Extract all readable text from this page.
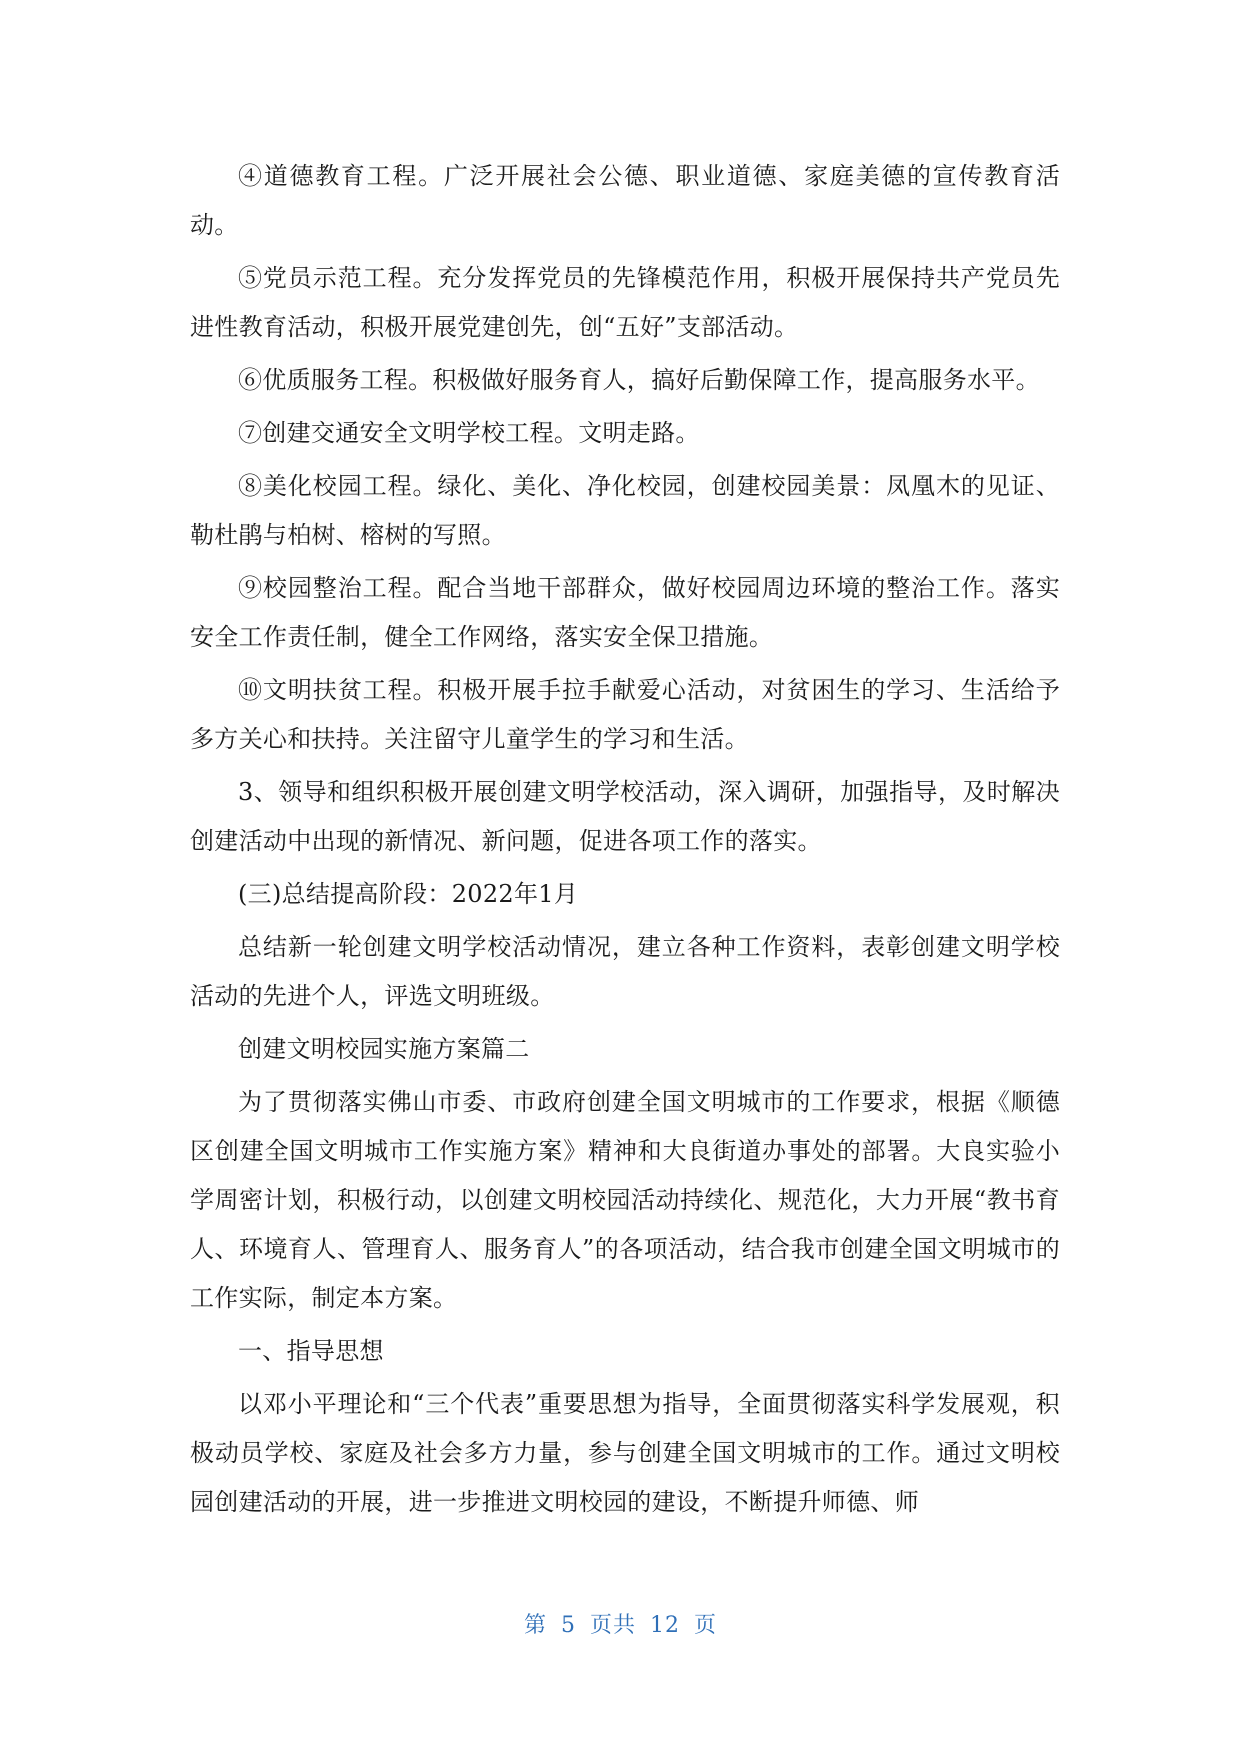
④道德教育工程。广泛开展社会公德、职业道德、家庭美德的宣传教育活动。

⑤党员示范工程。充分发挥党员的先锋模范作用，积极开展保持共产党员先进性教育活动，积极开展党建创先，创“五好”支部活动。

⑥优质服务工程。积极做好服务育人，搞好后勤保障工作，提高服务水平。

⑦创建交通安全文明学校工程。文明走路。

⑧美化校园工程。绿化、美化、净化校园，创建校园美景：凤凰木的见证、勒杜鹃与柏树、榕树的写照。

⑨校园整治工程。配合当地干部群众，做好校园周边环境的整治工作。落实安全工作责任制，健全工作网络，落实安全保卫措施。

⑩文明扶贫工程。积极开展手拉手献爱心活动，对贫困生的学习、生活给予多方关心和扶持。关注留守儿童学生的学习和生活。

3、领导和组织积极开展创建文明学校活动，深入调研，加强指导，及时解决创建活动中出现的新情况、新问题，促进各项工作的落实。

(三)总结提高阶段：2022年1月

总结新一轮创建文明学校活动情况，建立各种工作资料，表彰创建文明学校活动的先进个人，评选文明班级。

创建文明校园实施方案篇二

为了贯彻落实佛山市委、市政府创建全国文明城市的工作要求，根据《顺德区创建全国文明城市工作实施方案》精神和大良街道办事处的部署。大良实验小学周密计划，积极行动，以创建文明校园活动持续化、规范化，大力开展“教书育人、环境育人、管理育人、服务育人”的各项活动，结合我市创建全国文明城市的工作实际，制定本方案。

一、指导思想

以邓小平理论和“三个代表”重要思想为指导，全面贯彻落实科学发展观，积极动员学校、家庭及社会多方力量，参与创建全国文明城市的工作。通过文明校园创建活动的开展，进一步推进文明校园的建设，不断提升师德、师

第 5 页共 12 页
